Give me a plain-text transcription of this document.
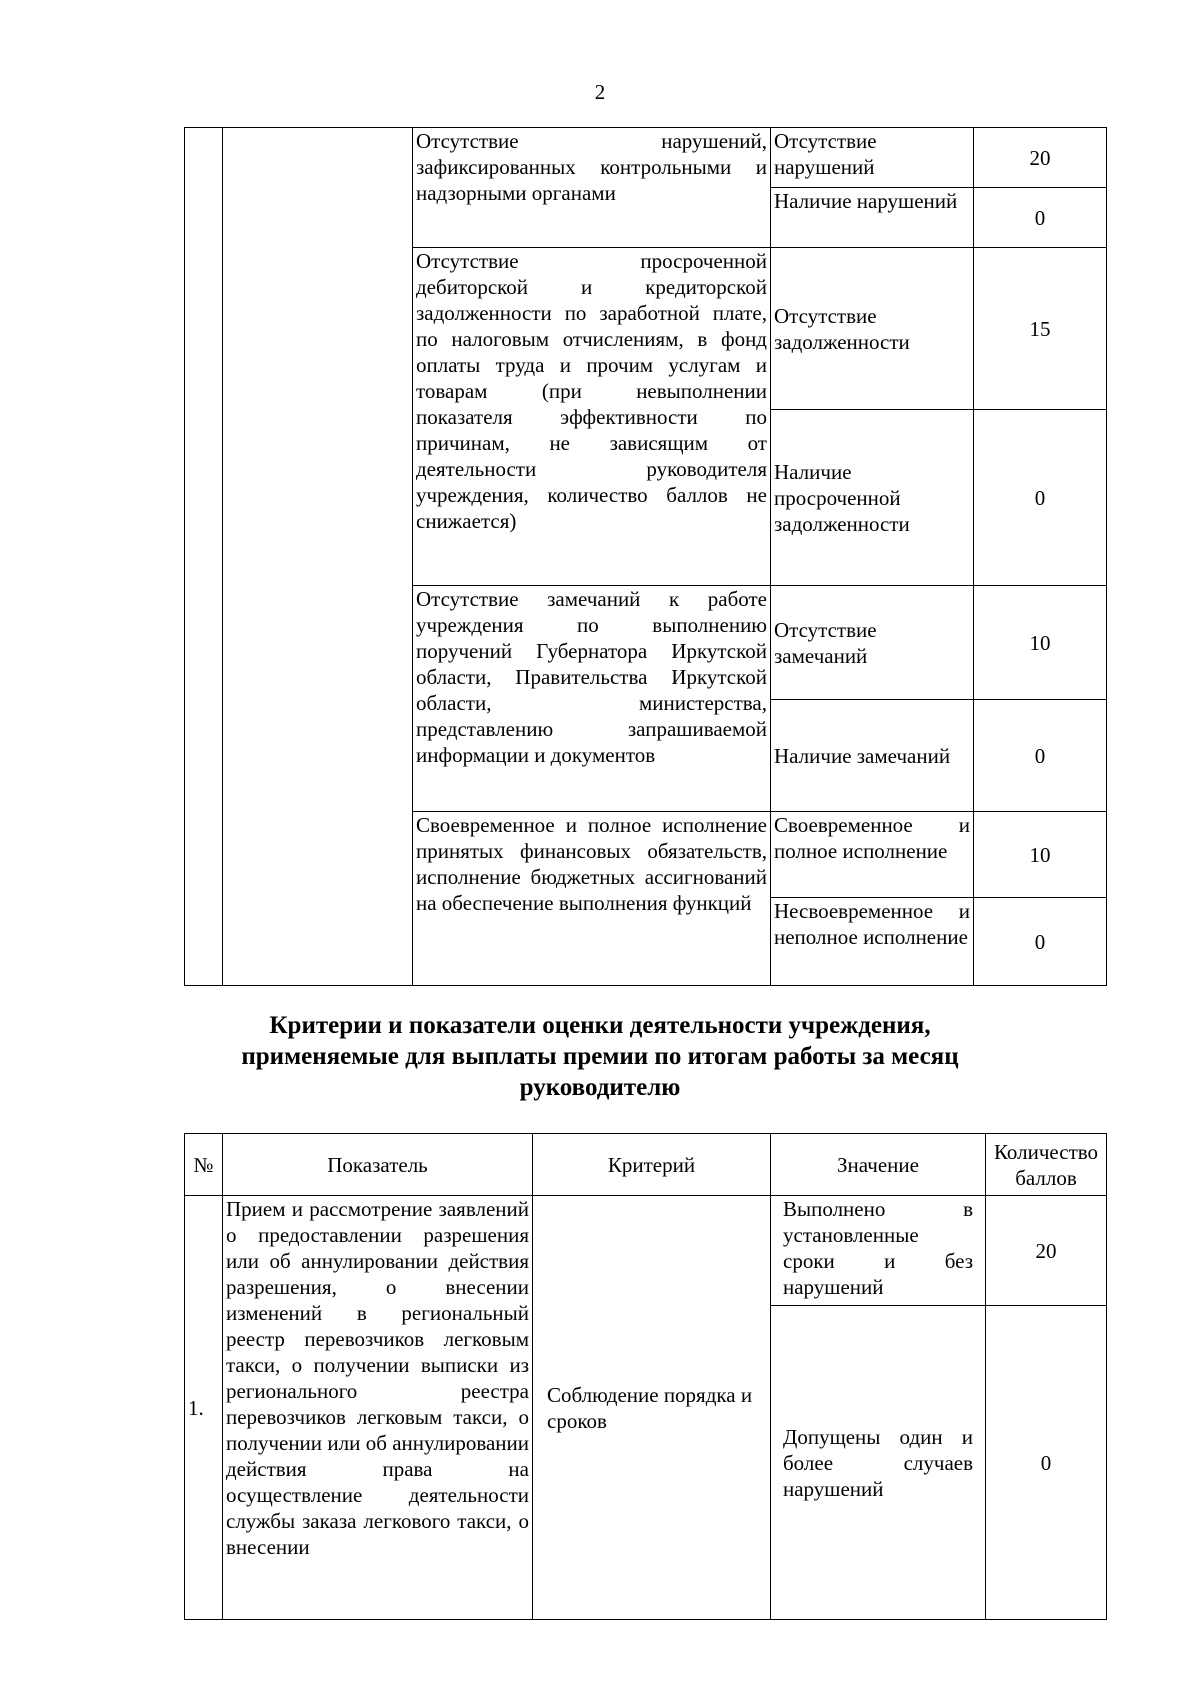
2
		Отсутствие нарушений, зафиксированных контрольными и надзорными органами	Отсутствие нарушений	20
			Наличие нарушений	0
		Отсутствие просроченной дебиторской и кредиторской задолженности по заработной плате, по налоговым отчислениям, в фонд оплаты труда и прочим услугам и товарам (при невыполнении показателя эффективности по причинам, не зависящим от деятельности руководителя учреждения, количество баллов не снижается)	Отсутствие задолженности	15
			Наличие просроченной задолженности	0
		Отсутствие замечаний к работе учреждения по выполнению поручений Губернатора Иркутской области, Правительства Иркутской области, министерства, представлению запрашиваемой информации и документов	Отсутствие замечаний	10
			Наличие замечаний	0
		Своевременное и полное исполнение принятых финансовых обязательств, исполнение бюджетных ассигнований на обеспечение выполнения функций	Своевременное и полное исполнение	10
			Несвоевременное и неполное исполнение	0
Критерии и показатели оценки деятельности учреждения,
применяемые для выплаты премии по итогам работы за месяц
руководителю
№	Показатель	Критерий	Значение	Количество баллов
1.	Прием и рассмотрение заявлений о предоставлении разрешения или об аннулировании действия разрешения, о внесении изменений в региональный реестр перевозчиков легковым такси, о получении выписки из регионального реестра перевозчиков легковым такси, о получении или об аннулировании действия права на осуществление деятельности службы заказа легкового такси, о внесении	Соблюдение порядка и сроков	Выполнено в установленные сроки и без нарушений	20
			Допущены один и более случаев нарушений	0
